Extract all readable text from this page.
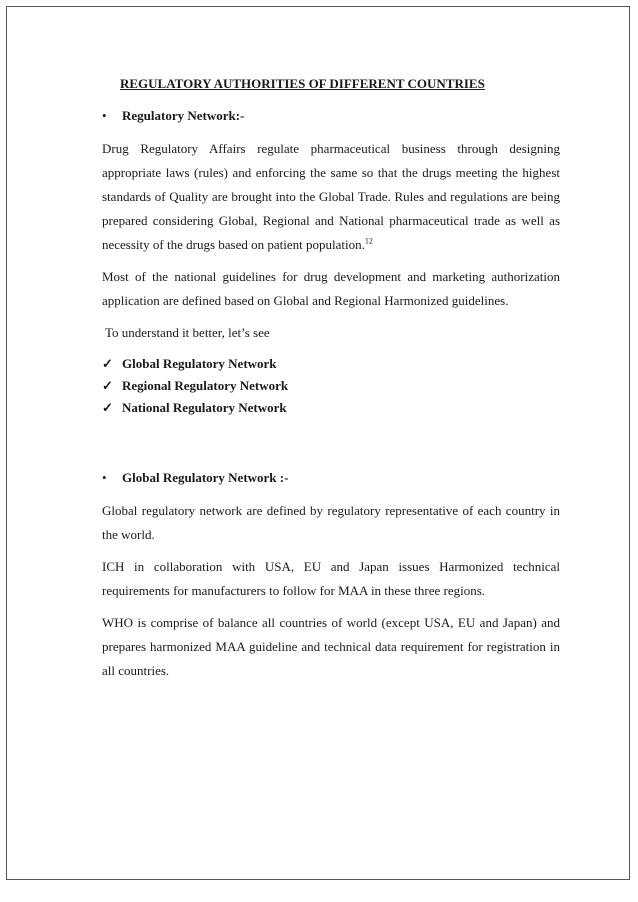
REGULATORY AUTHORITIES OF DIFFERENT COUNTRIES

•	Regulatory Network:-

Drug Regulatory Affairs regulate pharmaceutical business through designing appropriate laws (rules) and enforcing the same so that the drugs meeting the highest standards of Quality are brought into the Global Trade. Rules and regulations are being prepared considering Global, Regional and National pharmaceutical trade as well as necessity of the drugs based on patient population.$^{12}$

Most of the national guidelines for drug development and marketing authorization application are defined based on Global and Regional Harmonized guidelines.

To understand it better, let’s see

✓ Global Regulatory Network
✓ Regional Regulatory Network
✓ National Regulatory Network
•	Global Regulatory Network :-

Global regulatory network are defined by regulatory representative of each country in the world.

ICH in collaboration with USA, EU and Japan issues Harmonized technical requirements for manufacturers to follow for MAA in these three regions.

WHO is comprise of balance all countries of world (except USA, EU and Japan) and prepares harmonized MAA guideline and technical data requirement for registration in all countries.
